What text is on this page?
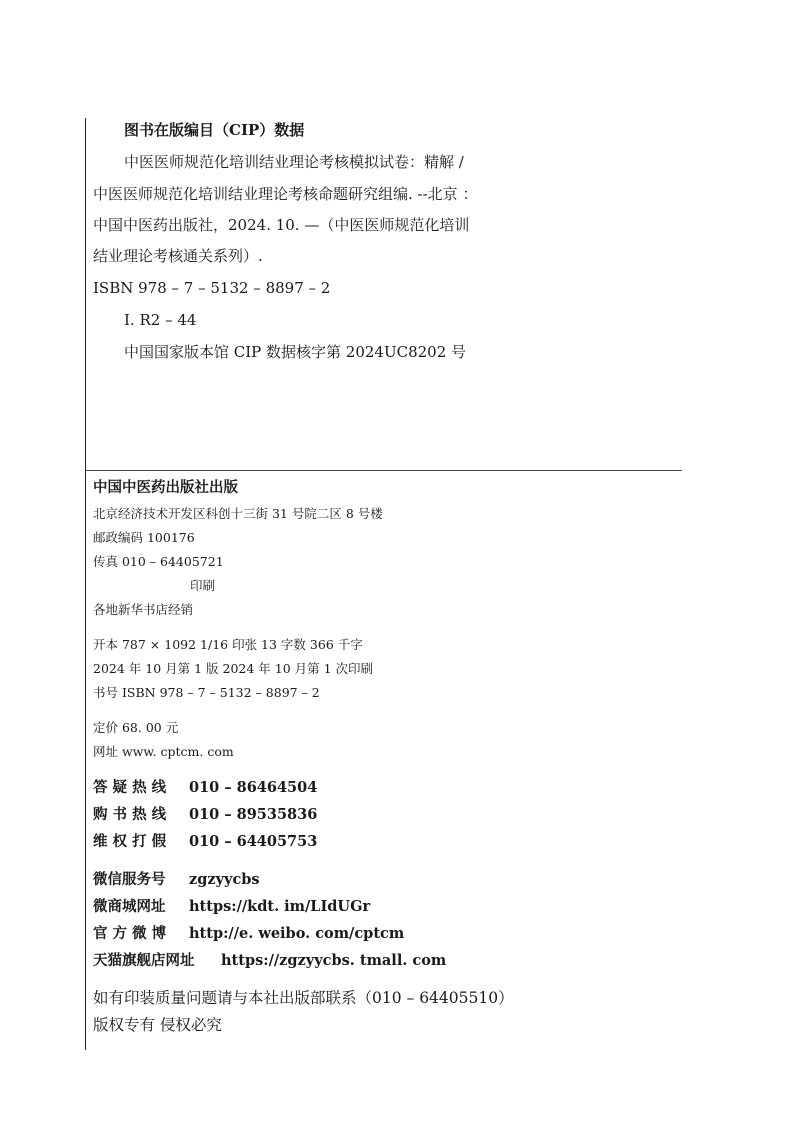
图书在版编目（CIP）数据
中医医师规范化培训结业理论考核模拟试卷：精解 /
中医医师规范化培训结业理论考核命题研究组编. --北京 ：
中国中医药出版社，2024. 10. —（中医医师规范化培训
结业理论考核通关系列）.
ISBN 978 – 7 – 5132 – 8897 – 2
Ⅰ. R2 – 44
中国国家版本馆 CIP 数据核字第 2024UC8202 号
中国中医药出版社出版
北京经济技术开发区科创十三街 31 号院二区 8 号楼
邮政编码 100176
传真 010 – 64405721
印刷
各地新华书店经销
开本 787 × 1092 1/16 印张 13 字数 366 千字
2024 年 10 月第 1 版 2024 年 10 月第 1 次印刷
书号 ISBN 978 – 7 – 5132 – 8897 – 2
定价 68. 00 元
网址 www. cptcm. com
答 疑 热 线 010 – 86464504
购 书 热 线 010 – 89535836
维 权 打 假 010 – 64405753
微信服务号 zgzyycbs
微商城网址 https://kdt. im/LIdUGr
官 方 微 博 http://e. weibo. com/cptcm
天猫旗舰店网址 https://zgzyycbs. tmall. com
如有印装质量问题请与本社出版部联系（010 – 64405510）
版权专有 侵权必究
